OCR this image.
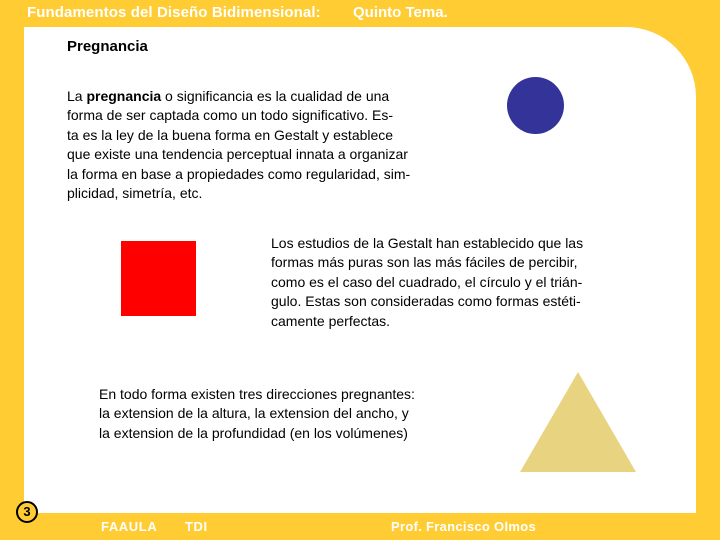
Fundamentos del Diseño Bidimensional: Quinto Tema.
Pregnancia

La pregnancia o significancia es la cualidad de una
forma de ser captada como un todo significativo. Es-
ta es la ley de la buena forma en Gestalt y establece
que existe una tendencia perceptual innata a organizar
la forma en base a propiedades como regularidad, sim-
plicidad, simetría, etc.

Los estudios de la Gestalt han establecido que las
formas más puras son las más fáciles de percibir,
como es el caso del cuadrado, el círculo y el trián-
gulo. Estas son consideradas como formas estéti-
camente perfectas.

En todo forma existen tres direcciones pregnantes:
la extension de la altura, la extension del ancho, y
la extension de la profundidad (en los volúmenes)

3
FAAULA TDI	Prof. Francisco Olmos
